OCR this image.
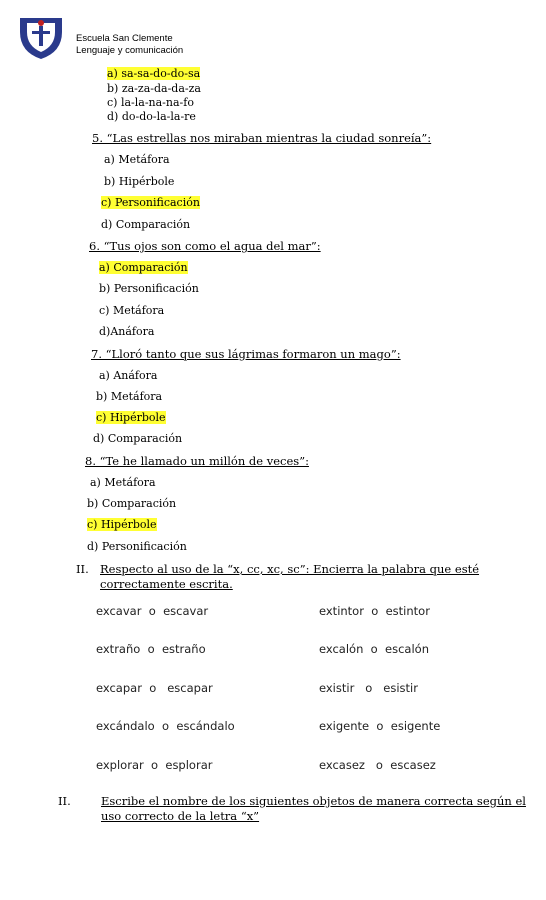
Escuela San Clemente
Lenguaje y comunicación
a) sa-sa-do-do-sa
b) za-za-da-da-za
c) la-la-na-na-fo
d) do-do-la-la-re
5. “Las estrellas nos miraban mientras la ciudad sonreía”:
a) Metáfora
b) Hipérbole
c) Personificación
d) Comparación
6. “Tus ojos son como el agua del mar”:
a) Comparación
b) Personificación
c) Metáfora
d)Anáfora
7. “Lloró tanto que sus lágrimas formaron un mago”:
a) Anáfora
b) Metáfora
c) Hipérbole
d) Comparación
8. “Te he llamado un millón de veces”:
a) Metáfora
b) Comparación
c) Hipérbole
d) Personificación
II. Respecto al uso de la “x, cc, xc, sc”: Encierra la palabra que esté
correctamente escrita.
excavar  o  escavar
extraño  o  estraño
excapar  o   escapar
excándalo  o  escándalo
explorar  o  esplorar
extintor  o  estintor
excalón  o  escalón
existir   o   esistir
exigente  o  esigente
excasez   o  escasez
II.	Escribe el nombre de los siguientes objetos de manera correcta según el
uso correcto de la letra “x”
